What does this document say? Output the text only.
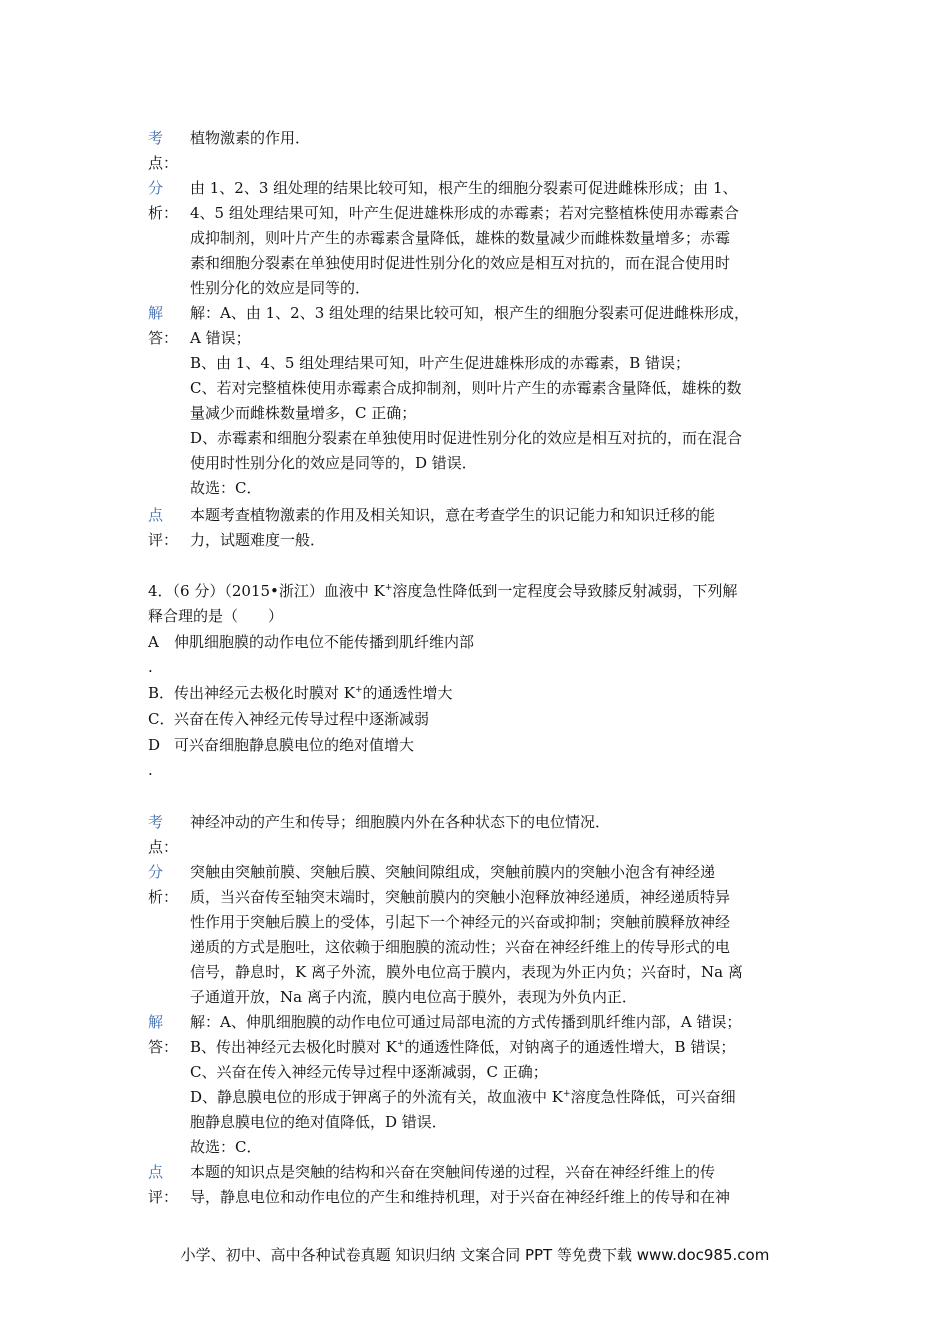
考
点：
植物激素的作用．
分
析：
由 1、2、3 组处理的结果比较可知，根产生的细胞分裂素可促进雌株形成；由 1、
4、5 组处理结果可知，叶产生促进雄株形成的赤霉素；若对完整植株使用赤霉素合
成抑制剂，则叶片产生的赤霉素含量降低，雄株的数量减少而雌株数量增多；赤霉
素和细胞分裂素在单独使用时促进性别分化的效应是相互对抗的，而在混合使用时
性别分化的效应是同等的．
解
答：
解：A、由 1、2、3 组处理的结果比较可知，根产生的细胞分裂素可促进雌株形成，
A 错误；
B、由 1、4、5 组处理结果可知，叶产生促进雄株形成的赤霉素，B 错误；
C、若对完整植株使用赤霉素合成抑制剂，则叶片产生的赤霉素含量降低，雄株的数
量减少而雌株数量增多，C 正确；
D、赤霉素和细胞分裂素在单独使用时促进性别分化的效应是相互对抗的，而在混合
使用时性别分化的效应是同等的，D 错误．
故选：C．
点
评：
本题考查植物激素的作用及相关知识，意在考查学生的识记能力和知识迁移的能
力，试题难度一般．
4．（6 分）（2015•浙江）血液中 K+溶度急性降低到一定程度会导致膝反射减弱，下列解
释合理的是（　　）
A 伸肌细胞膜的动作电位不能传播到肌纤维内部
.
B．传出神经元去极化时膜对 K+的通透性增大
C．兴奋在传入神经元传导过程中逐渐减弱
D 可兴奋细胞静息膜电位的绝对值增大
.
考
点：
神经冲动的产生和传导；细胞膜内外在各种状态下的电位情况．
分
析：
突触由突触前膜、突触后膜、突触间隙组成，突触前膜内的突触小泡含有神经递
质，当兴奋传至轴突末端时，突触前膜内的突触小泡释放神经递质，神经递质特异
性作用于突触后膜上的受体，引起下一个神经元的兴奋或抑制；突触前膜释放神经
递质的方式是胞吐，这依赖于细胞膜的流动性；兴奋在神经纤维上的传导形式的电
信号，静息时，K 离子外流，膜外电位高于膜内，表现为外正内负；兴奋时，Na 离
子通道开放，Na 离子内流，膜内电位高于膜外，表现为外负内正．
解
答：
解：A、伸肌细胞膜的动作电位可通过局部电流的方式传播到肌纤维内部，A 错误；
B、传出神经元去极化时膜对 K+的通透性降低，对钠离子的通透性增大，B 错误；
C、兴奋在传入神经元传导过程中逐渐减弱，C 正确；
D、静息膜电位的形成于钾离子的外流有关，故血液中 K+溶度急性降低，可兴奋细
胞静息膜电位的绝对值降低，D 错误．
故选：C．
点
评：
本题的知识点是突触的结构和兴奋在突触间传递的过程，兴奋在神经纤维上的传
导，静息电位和动作电位的产生和维持机理，对于兴奋在神经纤维上的传导和在神
小学、初中、高中各种试卷真题 知识归纳 文案合同 PPT 等免费下载 www.doc985.com
